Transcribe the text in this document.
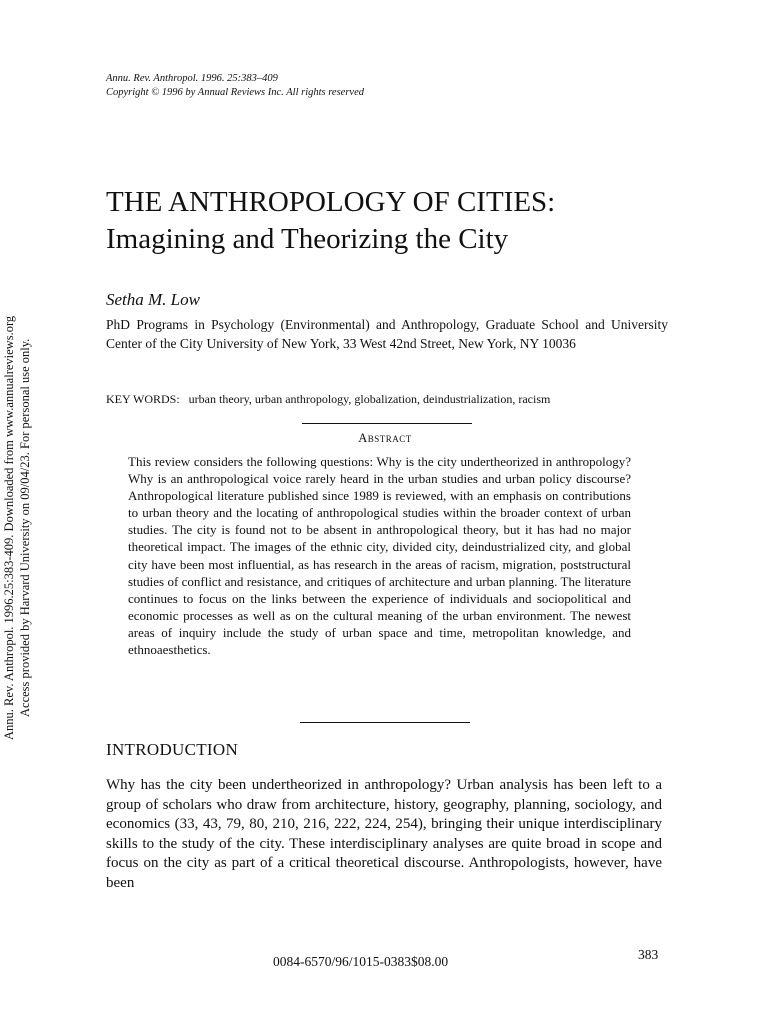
Annu. Rev. Anthropol. 1996. 25:383–409
Copyright © 1996 by Annual Reviews Inc. All rights reserved
Annu. Rev. Anthropol. 1996.25:383-409. Downloaded from www.annualreviews.org Access provided by Harvard University on 09/04/23. For personal use only.
THE ANTHROPOLOGY OF CITIES:
Imagining and Theorizing the City
Setha M. Low
PhD Programs in Psychology (Environmental) and Anthropology, Graduate School and University Center of the City University of New York, 33 West 42nd Street, New York, NY 10036
KEY WORDS: urban theory, urban anthropology, globalization, deindustrialization, racism
Abstract
This review considers the following questions: Why is the city undertheorized in anthropology? Why is an anthropological voice rarely heard in the urban studies and urban policy discourse? Anthropological literature published since 1989 is reviewed, with an emphasis on contributions to urban theory and the locating of anthropological studies within the broader context of urban studies. The city is found not to be absent in anthropological theory, but it has had no major theoretical impact. The images of the ethnic city, divided city, deindustrialized city, and global city have been most influential, as has research in the areas of racism, migration, poststructural studies of conflict and resistance, and critiques of architecture and urban planning. The literature continues to focus on the links between the experience of individuals and sociopolitical and economic processes as well as on the cultural meaning of the urban environment. The newest areas of inquiry include the study of urban space and time, metropolitan knowledge, and ethnoaesthetics.
INTRODUCTION
Why has the city been undertheorized in anthropology? Urban analysis has been left to a group of scholars who draw from architecture, history, geography, planning, sociology, and economics (33, 43, 79, 80, 210, 216, 222, 224, 254), bringing their unique interdisciplinary skills to the study of the city. These interdisciplinary analyses are quite broad in scope and focus on the city as part of a critical theoretical discourse. Anthropologists, however, have been
383
0084-6570/96/1015-0383$08.00
